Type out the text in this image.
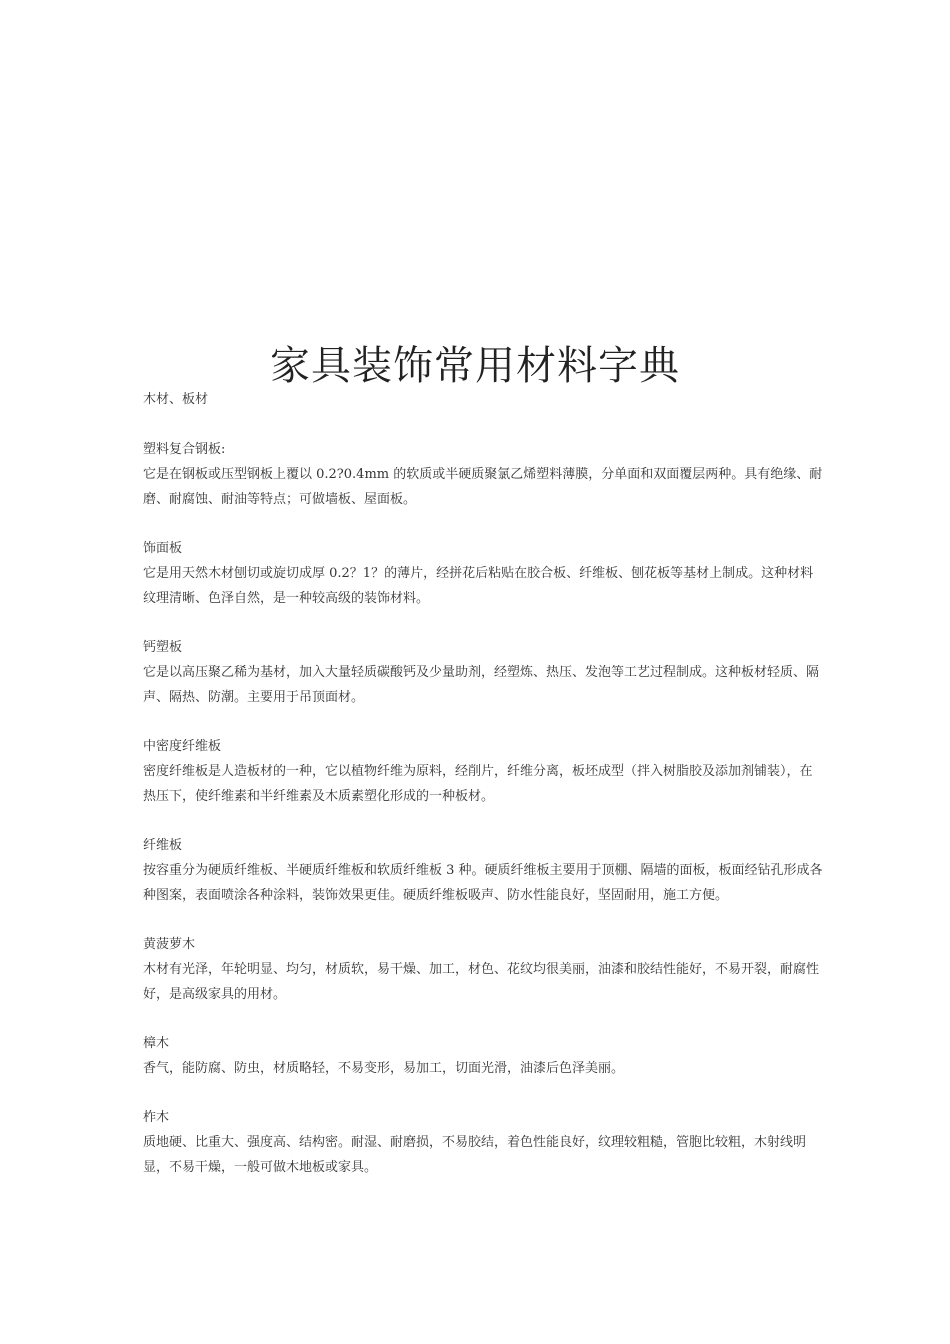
家具装饰常用材料字典

木材、板材

塑料复合钢板:

它是在钢板或压型钢板上覆以 0.2?0.4mm 的软质或半硬质聚氯乙烯塑料薄膜，分单面和双面覆层两种。具有绝缘、耐磨、耐腐蚀、耐油等特点；可做墙板、屋面板。

饰面板

它是用天然木材刨切或旋切成厚 0.2？1？的薄片，经拼花后粘贴在胶合板、纤维板、刨花板等基材上制成。这种材料纹理清晰、色泽自然，是一种较高级的装饰材料。

钙塑板

它是以高压聚乙稀为基材，加入大量轻质碳酸钙及少量助剂，经塑炼、热压、发泡等工艺过程制成。这种板材轻质、隔声、隔热、防潮。主要用于吊顶面材。

中密度纤维板

密度纤维板是人造板材的一种，它以植物纤维为原料，经削片，纤维分离，板坯成型（拌入树脂胶及添加剂铺装），在热压下，使纤维素和半纤维素及木质素塑化形成的一种板材。

纤维板

按容重分为硬质纤维板、半硬质纤维板和软质纤维板 3 种。硬质纤维板主要用于顶棚、隔墙的面板，板面经钻孔形成各种图案，表面喷涂各种涂料，装饰效果更佳。硬质纤维板吸声、防水性能良好，坚固耐用，施工方便。

黄菠萝木

木材有光泽，年轮明显、均匀，材质软，易干燥、加工，材色、花纹均很美丽，油漆和胶结性能好，不易开裂，耐腐性好，是高级家具的用材。

樟木

香气，能防腐、防虫，材质略轻，不易变形，易加工，切面光滑，油漆后色泽美丽。

柞木

质地硬、比重大、强度高、结构密。耐湿、耐磨损，不易胶结，着色性能良好，纹理较粗糙，管胞比较粗，木射线明显，不易干燥，一般可做木地板或家具。
